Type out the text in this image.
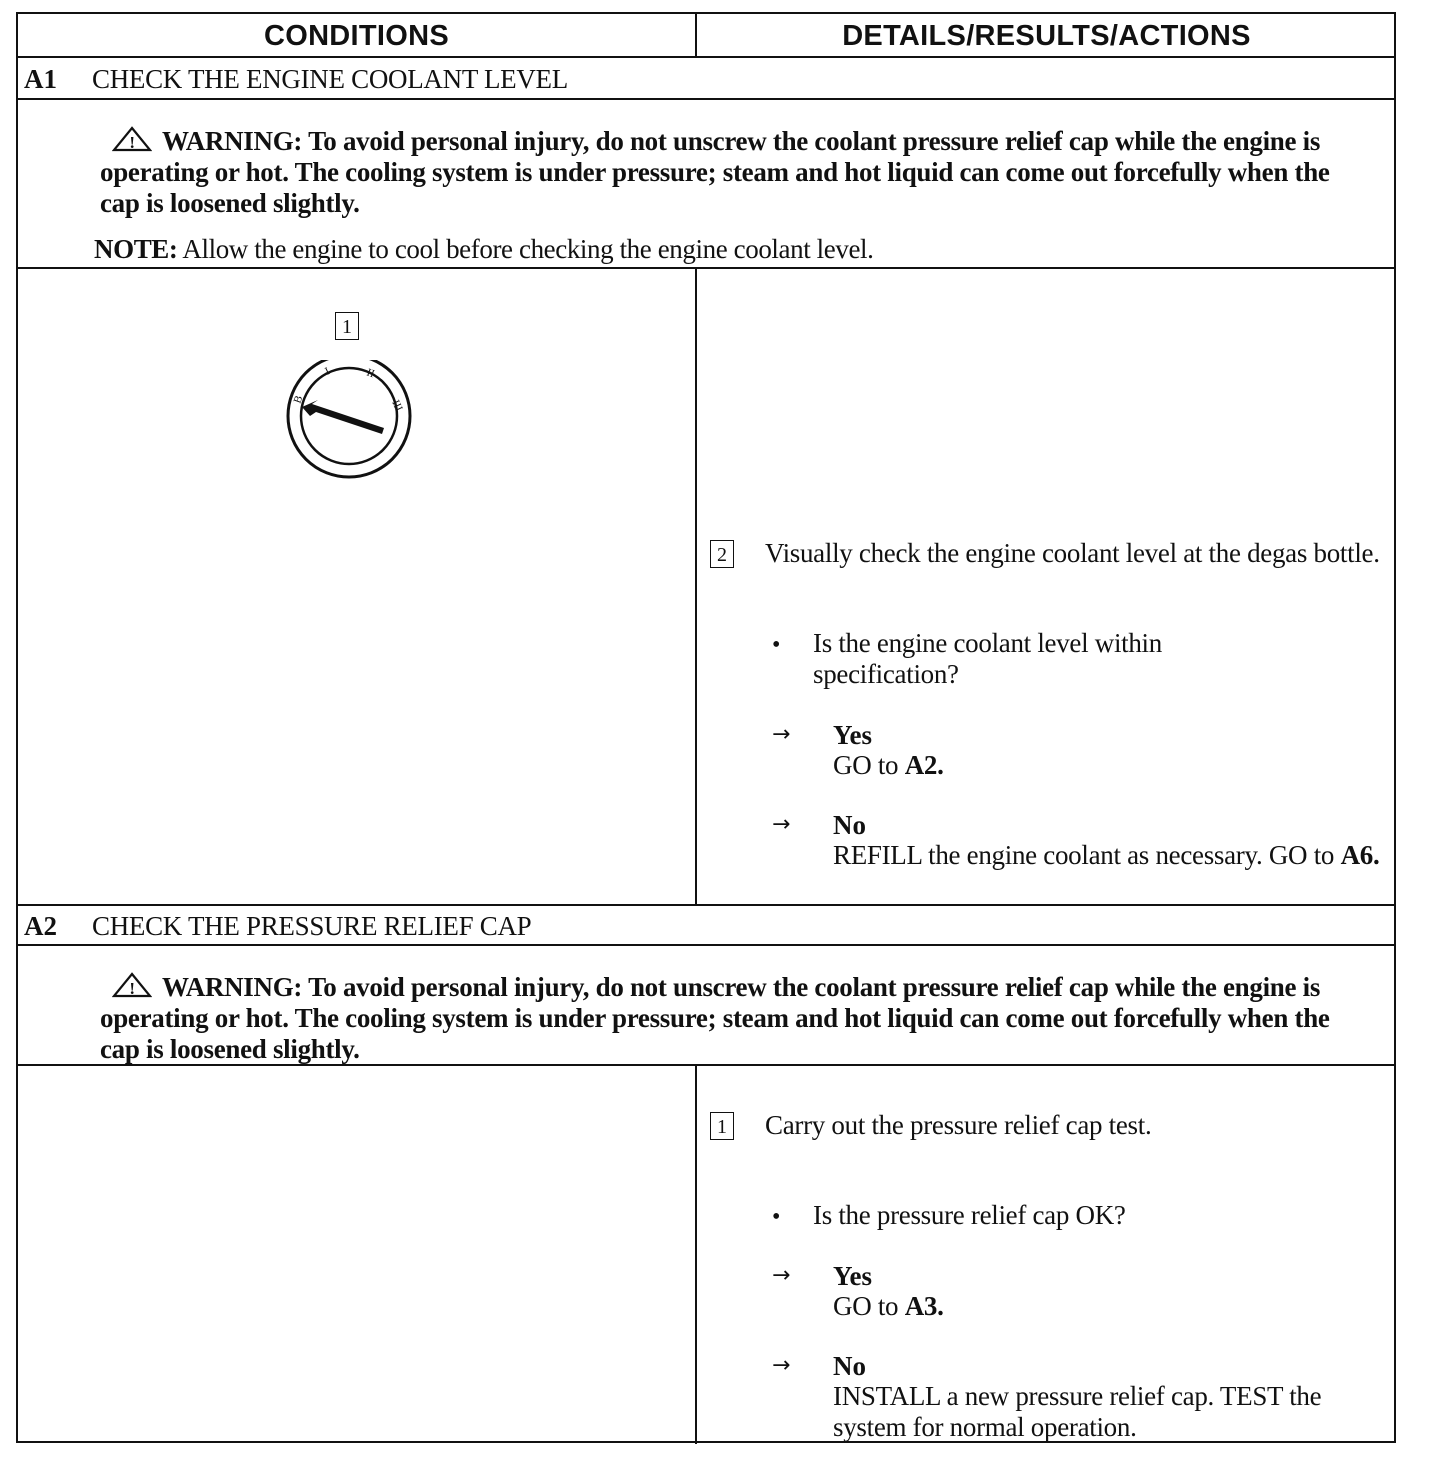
CONDITIONS	DETAILS/RESULTS/ACTIONS
A1 CHECK THE ENGINE COOLANT LEVEL
! WARNING: To avoid personal injury, do not unscrew the coolant pressure relief cap while the engine is operating or hot. The cooling system is under pressure; steam and hot liquid can come out forcefully when the cap is loosened slightly.
NOTE: Allow the engine to cool before checking the engine coolant level.
1
B
I	II
III
2 Visually check the engine coolant level at the degas bottle.
• Is the engine coolant level within specification?
→ Yes
GO to A2.
→ No
REFILL the engine coolant as necessary. GO to A6.
A2 CHECK THE PRESSURE RELIEF CAP
! WARNING: To avoid personal injury, do not unscrew the coolant pressure relief cap while the engine is operating or hot. The cooling system is under pressure; steam and hot liquid can come out forcefully when the cap is loosened slightly.
1 Carry out the pressure relief cap test.
• Is the pressure relief cap OK?
→ Yes
GO to A3.
→ No
INSTALL a new pressure relief cap. TEST the system for normal operation.
